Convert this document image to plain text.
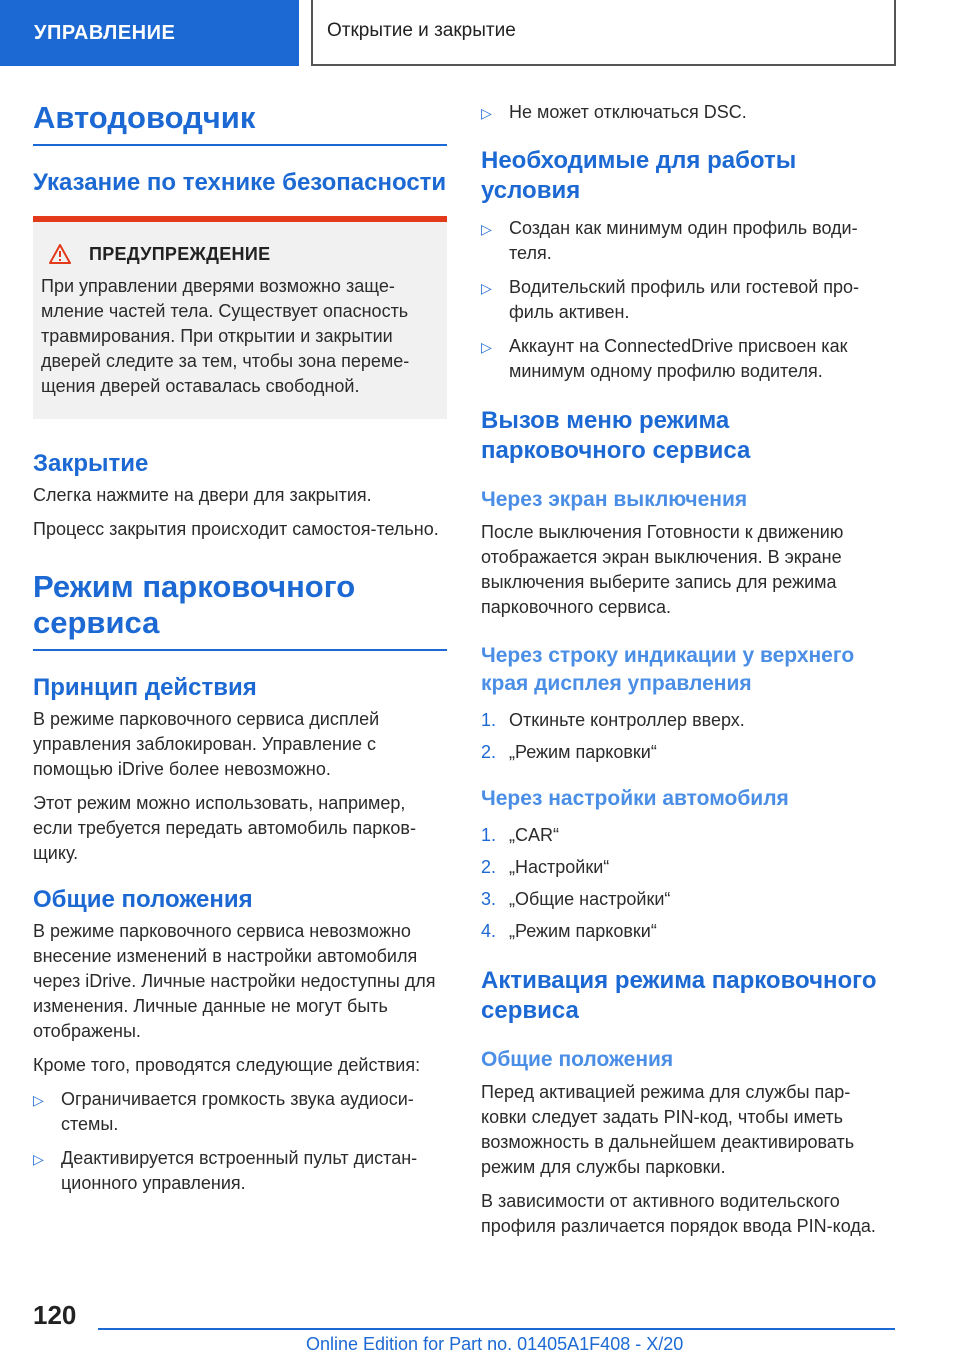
УПРАВЛЕНИЕ	Открытие и закрытие
Автодоводчик
Указание по технике безопасности
ПРЕДУПРЕЖДЕНИЕ

При управлении дверями возможно заще-мление частей тела. Существует опасность травмирования. При открытии и закрытии дверей следите за тем, чтобы зона переме-щения дверей оставалась свободной.

Закрытие

Слегка нажмите на двери для закрытия.

Процесс закрытия происходит самостоя-тельно.

Режим парковочного сервиса
Принцип действия

В режиме парковочного сервиса дисплей управления заблокирован. Управление с помощью iDrive более невозможно.

Этот режим можно использовать, например, если требуется передать автомобиль парков-щику.

Общие положения

В режиме парковочного сервиса невозможно внесение изменений в настройки автомобиля через iDrive. Личные настройки недоступны для изменения. Личные данные не могут быть отображены.

Кроме того, проводятся следующие действия:

▷ Ограничивается громкость звука аудиоси-стемы.
▷ Деактивируется встроенный пульт дистан-ционного управления.
▷ Не может отключаться DSC.
Необходимые для работы условия
▷ Создан как минимум один профиль води-теля.
▷ Водительский профиль или гостевой про-филь активен.
▷ Аккаунт на ConnectedDrive присвоен как минимум одному профилю водителя.
Вызов меню режима парковочного сервиса
Через экран выключения

После выключения Готовности к движению отображается экран выключения. В экране выключения выберите запись для режима парковочного сервиса.

Через строку индикации у верхнего края дисплея управления
1. Откиньте контроллер вверх.
2. „Режим парковки“
Через настройки автомобиля
1. „CAR“
2. „Настройки“
3. „Общие настройки“
4. „Режим парковки“
Активация режима парковочного сервиса
Общие положения

Перед активацией режима для службы пар-ковки следует задать PIN-код, чтобы иметь возможность в дальнейшем деактивировать режим для службы парковки.

В зависимости от активного водительского профиля различается порядок ввода PIN-кода.

120
Online Edition for Part no. 01405A1F408 - X/20
